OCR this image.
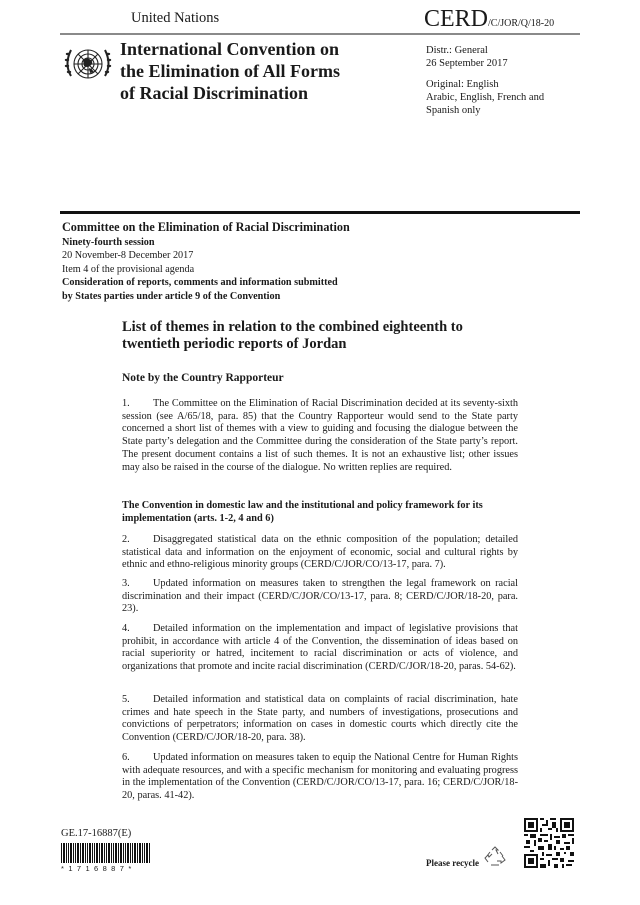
United Nations	CERD/C/JOR/Q/18-20
International Convention on
the Elimination of All Forms
of Racial Discrimination
Distr.: General
26 September 2017
Original: English
Arabic, English, French and
Spanish only
Committee on the Elimination of Racial Discrimination
Ninety-fourth session
20 November-8 December 2017
Item 4 of the provisional agenda
Consideration of reports, comments and information submitted
by States parties under article 9 of the Convention
List of themes in relation to the combined eighteenth to
twentieth periodic reports of Jordan
Note by the Country Rapporteur
1. The Committee on the Elimination of Racial Discrimination decided at its seventy-sixth session (see A/65/18, para. 85) that the Country Rapporteur would send to the State party concerned a short list of themes with a view to guiding and focusing the dialogue between the State party’s delegation and the Committee during the consideration of the State party’s report. The present document contains a list of such themes. It is not an exhaustive list; other issues may also be raised in the course of the dialogue. No written replies are required.
The Convention in domestic law and the institutional and policy framework for its implementation (arts. 1-2, 4 and 6)
2. Disaggregated statistical data on the ethnic composition of the population; detailed statistical data and information on the enjoyment of economic, social and cultural rights by ethnic and ethno-religious minority groups (CERD/C/JOR/CO/13-17, para. 7).
3. Updated information on measures taken to strengthen the legal framework on racial discrimination and their impact (CERD/C/JOR/CO/13-17, para. 8; CERD/C/JOR/18-20, para. 23).
4. Detailed information on the implementation and impact of legislative provisions that prohibit, in accordance with article 4 of the Convention, the dissemination of ideas based on racial superiority or hatred, incitement to racial discrimination or acts of violence, and organizations that promote and incite racial discrimination (CERD/C/JOR/18-20, paras. 54-62).
5. Detailed information and statistical data on complaints of racial discrimination, hate crimes and hate speech in the State party, and numbers of investigations, prosecutions and convictions of perpetrators; information on cases in domestic courts which directly cite the Convention (CERD/C/JOR/18-20, para. 38).
6. Updated information on measures taken to equip the National Centre for Human Rights with adequate resources, and with a specific mechanism for monitoring and evaluating progress in the implementation of the Convention (CERD/C/JOR/CO/13-17, para. 16; CERD/C/JOR/18-20, paras. 41-42).
GE.17-16887(E)
*1716887*
Please recycle
